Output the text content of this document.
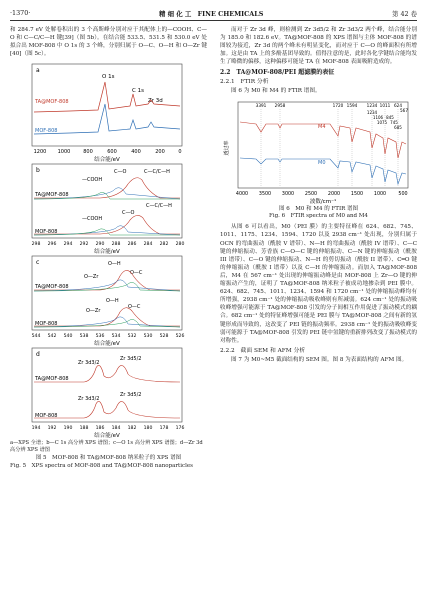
·1370·	精 细 化 工　FINE CHEMICALS	第 42 卷

和 284.7 eV 处解卷积出的 3 个高斯峰分别对应于其配体上的—COOH、C—O 和 C—C/C—H 键[39]（图 5b）。在结合能 533.5、531.5 和 530.0 eV 处拟合出 MOF-808 中 O 1s 的 3 个峰，分别归属于 O—C、O—H 和 O—Zr 键[40]（图 5c）。

a
O 1s
C 1s
Zr 3d
TA@MOF-808
MOF-808
1200 1000	800	600	400	200	0
结合能/eV
b	C—C/C—H
C—O
—COOH
TA@MOF-808
C—C/C—H
C—O
—COOH
MOF-808
298 296 294 292 290 288 286 284 282 280
结合能/eV
c	O—H
O—C
O—Zr
TA@MOF-808
O—H
O—C
O—Zr
MOF-808
544 542 540 538 536 534 532 530 528 526
结合能/eV
d
Zr 3d5/2
Zr 3d3/2
TA@MOF-808
Zr 3d5/2
Zr 3d3/2
MOF-808
194 192 190 188 186 184 182 180 178 176
结合能/eV
a—XPS 全谱；b—C 1s 高分辨 XPS 谱图；c—O 1s 高分辨 XPS 谱图；d—Zr 3d 高分辨 XPS 谱图
图 5　MOF-808 和 TA@MOF-808 纳米粒子的 XPS 谱图
Fig. 5　XPS spectra of MOF-808 and TA@MOF-808 nanoparticles

而对于 Zr 3d 峰，则检测到 Zr 3d5/2 和 Zr 3d3/2 两个峰，结合能分别为 185.0 和 182.6 eV。TA@MOF-808 的 XPS 谱图与主体 MOF-808 的谱图较为接近，Zr 3d 的两个峰未有明显变化，而对应于 C—O 的峰面积有所增加。这是由 TA 上的多酚基团导致的。值得注意的是，此时各化学键结合能均发生了略微的偏移，这种偏移可能是 TA 在 MOF-808 表面吸附造成的。

2.2　TA@MOF-808/PEI 超滤膜的表征
2.2.1　FTIR 分析

图 6 为 M0 和 M4 的 FTIR 谱图。

透过率
3391 2958	1720 1594 1234 1011 624
567
1234
1106
1075
845
745
685
M4
M0
4000 3500 3000 2500 2000 1500 1000	500
波数/cm⁻¹
图 6　M0 和 M4 的 FTIR 谱图
Fig. 6　FTIR spectra of M0 and M4

从图 6 可以看出，M0（PEI 膜）的主要特征峰在 624、682、745、1011、1175、1234、1594、1720 以及 2938 cm⁻¹ 处出现，分别归属于 OCN 的弯曲振动（酰胺 V 谱带）、N—H 的弯曲振动（酰胺 IV 谱带）、C—C 键的伸缩振动、芳香族 C—O—C 键的伸缩振动、C—N 键的伸缩振动（酰胺 III 谱带）、C—O 键的伸缩振动、N—H 的剪切振动（酰胺 II 谱带）、C═O 键的伸缩振动（酰胺 I 谱带）以及 C—H 的伸缩振动。而加入 TA@MOF-808 后，M4 在 567 cm⁻¹ 处出现的伸缩振动峰是由 MOF-808 上 Zr—O 键的伸缩振动产生的，证明了 TA@MOF-808 纳米粒子被成功地掺杂到 PEI 膜中。624、682、745、1011、1234、1594 和 1720 cm⁻¹ 处的伸缩振动峰均有所增强，2938 cm⁻¹ 处的伸缩振动吸收峰则有所减弱。624 cm⁻¹ 处的振动吸收峰增强可能源于 TA@MOF-808 引发的分子间相互作用促进了振动模式的耦合。682 cm⁻¹ 处的特征峰增强可能是 PEI 膜与 TA@MOF-808 之间有新的氢键形成而导致的，这改变了 PEI 链的振动频率。2938 cm⁻¹ 处的振动吸收峰变弱可能源于 TA@MOF-808 引发的 PEI 链中氢键的重新排列改变了振动模式的对称性。

2.2.2　截面 SEM 和 AFM 分析

图 7 为 M0~M5 截面结构的 SEM 图。图 8 为表面结构的 AFM 图。
